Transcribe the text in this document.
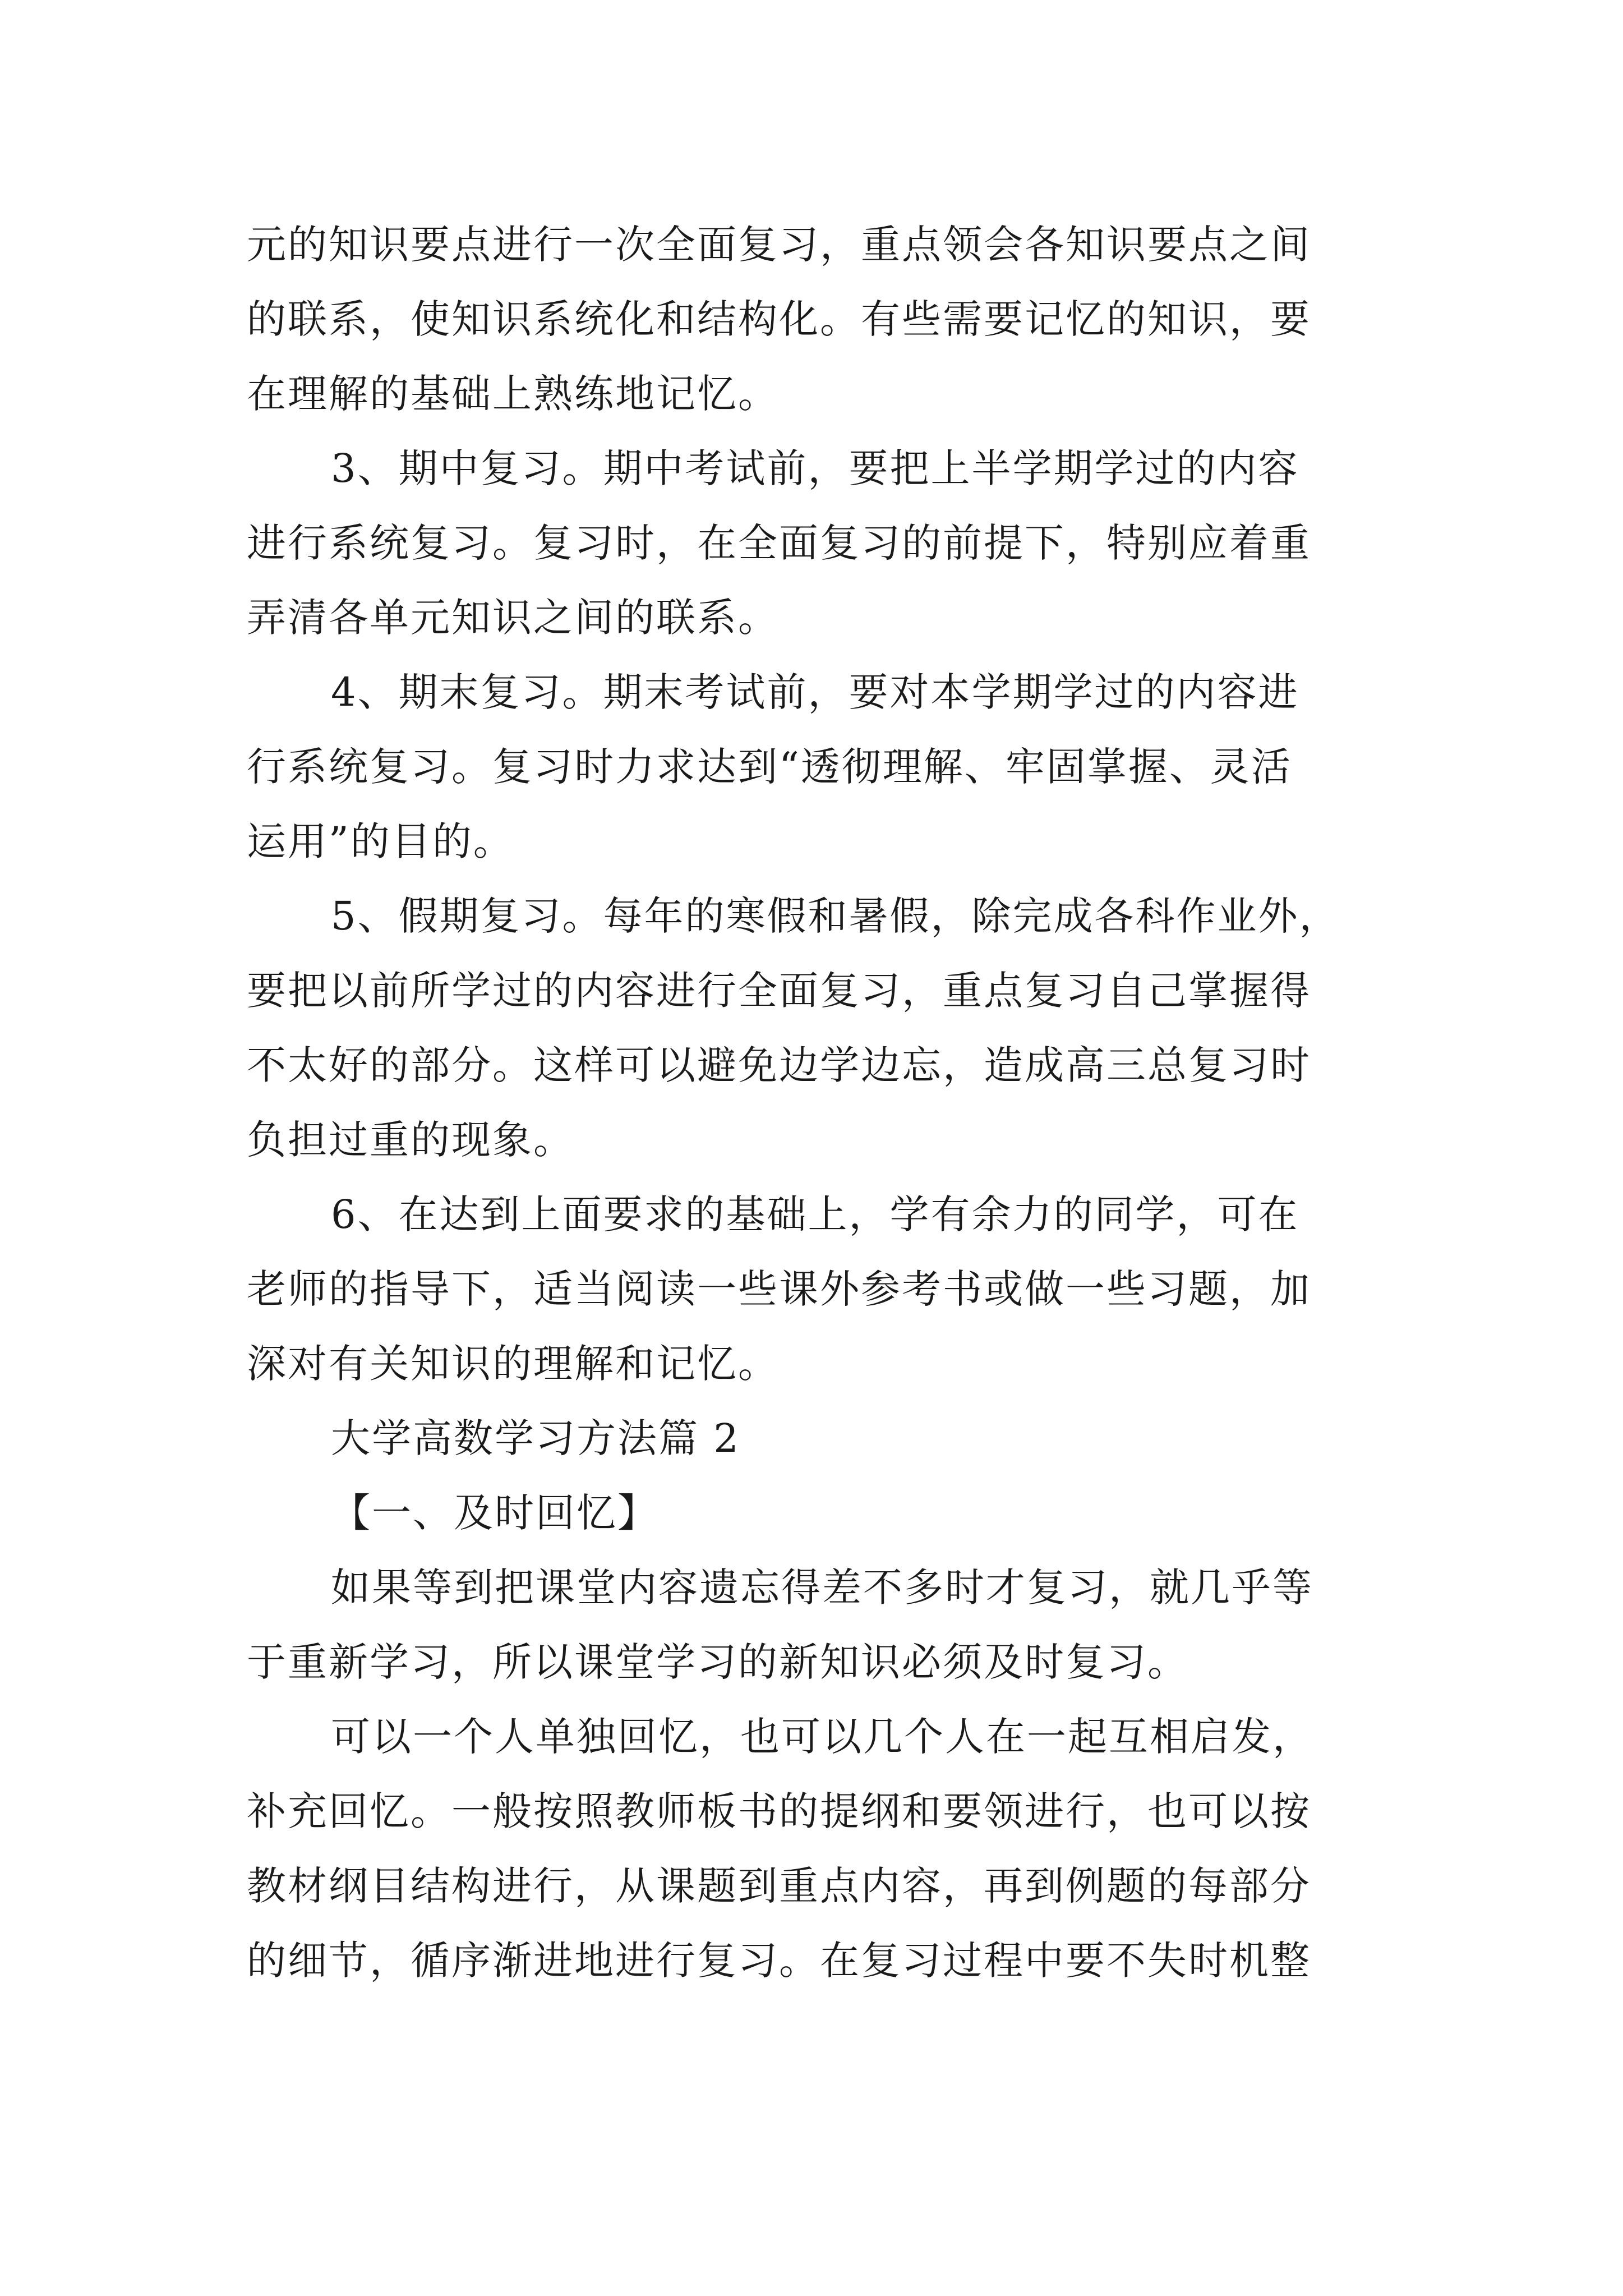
元的知识要点进行一次全面复习，重点领会各知识要点之间
的联系，使知识系统化和结构化。有些需要记忆的知识，要
在理解的基础上熟练地记忆。
3、期中复习。期中考试前，要把上半学期学过的内容
进行系统复习。复习时，在全面复习的前提下，特别应着重
弄清各单元知识之间的联系。
4、期末复习。期末考试前，要对本学期学过的内容进
行系统复习。复习时力求达到“透彻理解、牢固掌握、灵活
运用”的目的。
5、假期复习。每年的寒假和暑假，除完成各科作业外，
要把以前所学过的内容进行全面复习，重点复习自己掌握得
不太好的部分。这样可以避免边学边忘，造成高三总复习时
负担过重的现象。
6、在达到上面要求的基础上，学有余力的同学，可在
老师的指导下，适当阅读一些课外参考书或做一些习题，加
深对有关知识的理解和记忆。
大学高数学习方法篇 2
【一、及时回忆】
如果等到把课堂内容遗忘得差不多时才复习，就几乎等
于重新学习，所以课堂学习的新知识必须及时复习。
可以一个人单独回忆，也可以几个人在一起互相启发，
补充回忆。一般按照教师板书的提纲和要领进行，也可以按
教材纲目结构进行，从课题到重点内容，再到例题的每部分
的细节，循序渐进地进行复习。在复习过程中要不失时机整
